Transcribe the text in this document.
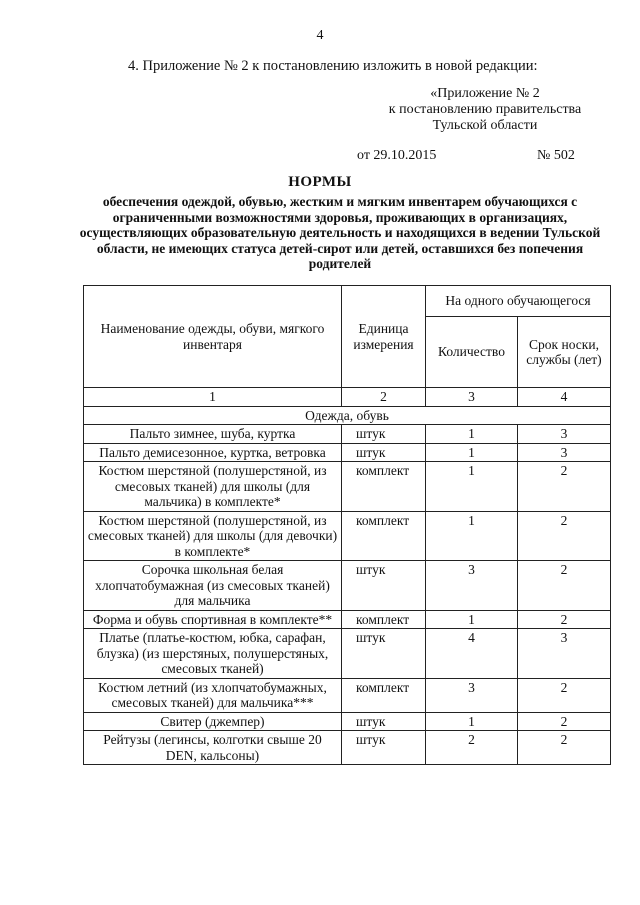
4
4. Приложение № 2 к постановлению изложить в новой редакции:
«Приложение № 2
к постановлению правительства
Тульской области
от 29.10.2015	№ 502
НОРМЫ
обеспечения одеждой, обувью, жестким и мягким инвентарем обучающихся с ограниченными возможностями здоровья, проживающих в организациях, осуществляющих образовательную деятельность и находящихся в ведении Тульской области, не имеющих статуса детей-сирот или детей, оставшихся без попечения родителей
Наименование одежды, обуви, мягкого инвентаря	Единица измерения	На одного обучающегося	
		Количество	Срок носки, службы (лет)
1	2	3	4
Одежда, обувь			
Пальто зимнее, шуба, куртка	штук	1	3
Пальто демисезонное, куртка, ветровка	штук	1	3
Костюм шерстяной (полушерстяной, из смесовых тканей) для школы (для мальчика) в комплекте*	комплект	1	2
Костюм шерстяной (полушерстяной, из смесовых тканей) для школы (для девочки) в комплекте*	комплект	1	2
Сорочка школьная белая хлопчатобумажная (из смесовых тканей) для мальчика	штук	3	2
Форма и обувь спортивная в комплекте**	комплект	1	2
Платье (платье-костюм, юбка, сарафан, блузка) (из шерстяных, полушерстяных, смесовых тканей)	штук	4	3
Костюм летний (из хлопчатобумажных, смесовых тканей) для мальчика***	комплект	3	2
Свитер (джемпер)	штук	1	2
Рейтузы (легинсы, колготки свыше 20 DEN, кальсоны)	штук	2	2
